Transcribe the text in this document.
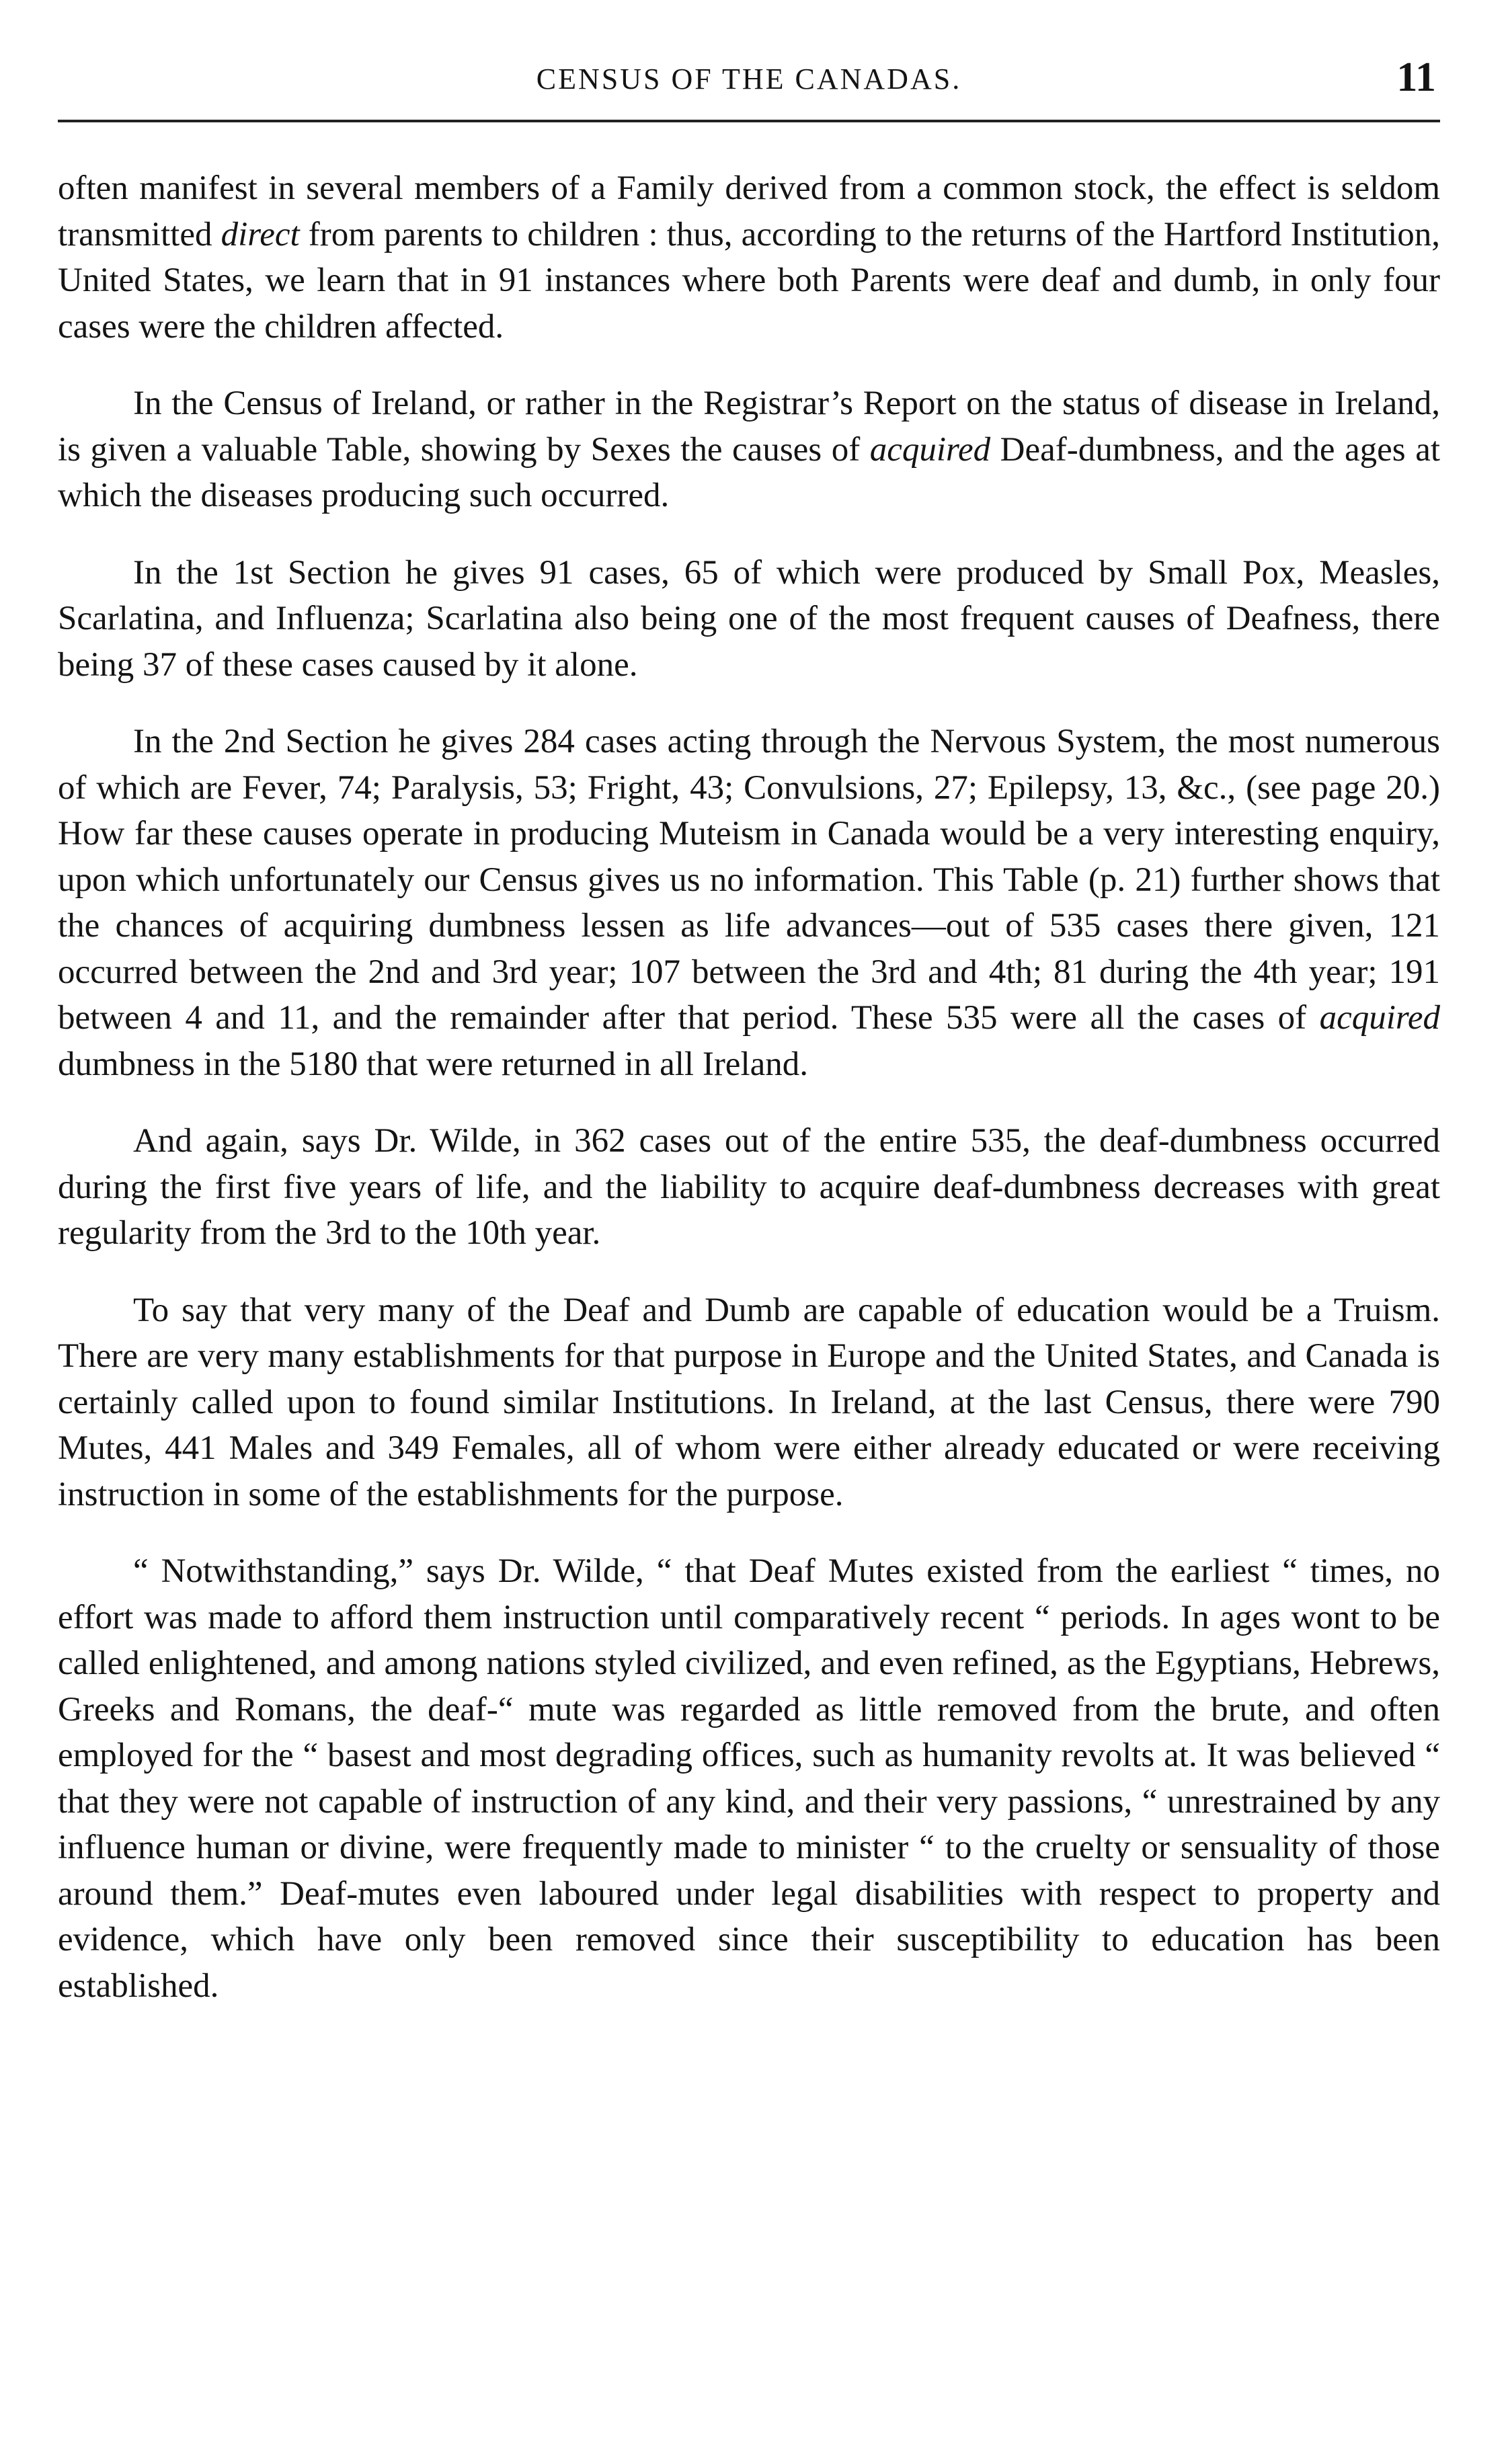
CENSUS OF THE CANADAS.	11

often manifest in several members of a Family derived from a common stock, the effect is seldom transmitted direct from parents to children : thus, according to the returns of the Hartford Institution, United States, we learn that in 91 instances where both Parents were deaf and dumb, in only four cases were the children affected.

In the Census of Ireland, or rather in the Registrar’s Report on the status of disease in Ireland, is given a valuable Table, showing by Sexes the causes of acquired Deaf-dumbness, and the ages at which the diseases producing such occurred.

In the 1st Section he gives 91 cases, 65 of which were produced by Small Pox, Measles, Scarlatina, and Influenza; Scarlatina also being one of the most frequent causes of Deafness, there being 37 of these cases caused by it alone.

In the 2nd Section he gives 284 cases acting through the Nervous System, the most numerous of which are Fever, 74; Paralysis, 53; Fright, 43; Convulsions, 27; Epilepsy, 13, &c., (see page 20.) How far these causes operate in producing Muteism in Canada would be a very interesting enquiry, upon which unfortunately our Census gives us no information. This Table (p. 21) further shows that the chances of acquiring dumbness lessen as life advances—out of 535 cases there given, 121 occurred between the 2nd and 3rd year; 107 between the 3rd and 4th; 81 during the 4th year; 191 between 4 and 11, and the remainder after that period. These 535 were all the cases of acquired dumbness in the 5180 that were returned in all Ireland.

And again, says Dr. Wilde, in 362 cases out of the entire 535, the deaf-dumbness occurred during the first five years of life, and the liability to acquire deaf-dumbness decreases with great regularity from the 3rd to the 10th year.

To say that very many of the Deaf and Dumb are capable of education would be a Truism. There are very many establishments for that purpose in Europe and the United States, and Canada is certainly called upon to found similar Institutions. In Ireland, at the last Census, there were 790 Mutes, 441 Males and 349 Females, all of whom were either already educated or were receiving instruction in some of the establishments for the purpose.

“ Notwithstanding,” says Dr. Wilde, “ that Deaf Mutes existed from the earliest “ times, no effort was made to afford them instruction until comparatively recent “ periods. In ages wont to be called enlightened, and among nations styled civilized, and even refined, as the Egyptians, Hebrews, Greeks and Romans, the deaf-“ mute was regarded as little removed from the brute, and often employed for the “ basest and most degrading offices, such as humanity revolts at. It was believed “ that they were not capable of instruction of any kind, and their very passions, “ unrestrained by any influence human or divine, were frequently made to minister “ to the cruelty or sensuality of those around them.” Deaf-mutes even laboured under legal disabilities with respect to property and evidence, which have only been removed since their susceptibility to education has been established.
